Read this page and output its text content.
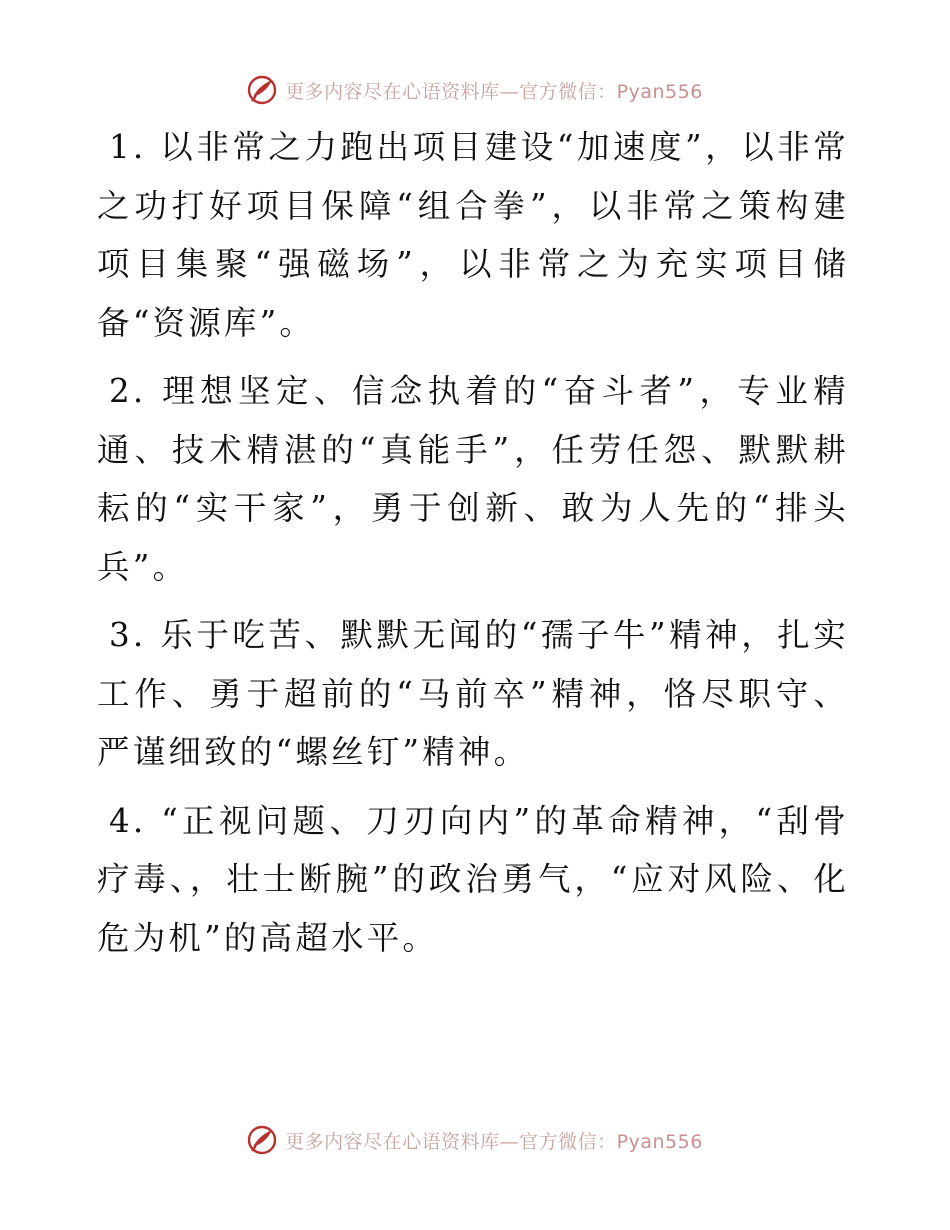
更多内容尽在心语资料库—官方微信：Pyan556

1. 以非常之力跑出项目建设“加速度”，以非常之功打好项目保障“组合拳”，以非常之策构建项目集聚“强磁场”，以非常之为充实项目储备“资源库”。

2. 理想坚定、信念执着的“奋斗者”，专业精通、技术精湛的“真能手”，任劳任怨、默默耕耘的“实干家”，勇于创新、敢为人先的“排头兵”。

3. 乐于吃苦、默默无闻的“孺子牛”精神，扎实工作、勇于超前的“马前卒”精神，恪尽职守、严谨细致的“螺丝钉”精神。

4. “正视问题、刀刃向内”的革命精神，“刮骨疗毒、，壮士断腕”的政治勇气，“应对风险、化危为机”的高超水平。

更多内容尽在心语资料库—官方微信：Pyan556
